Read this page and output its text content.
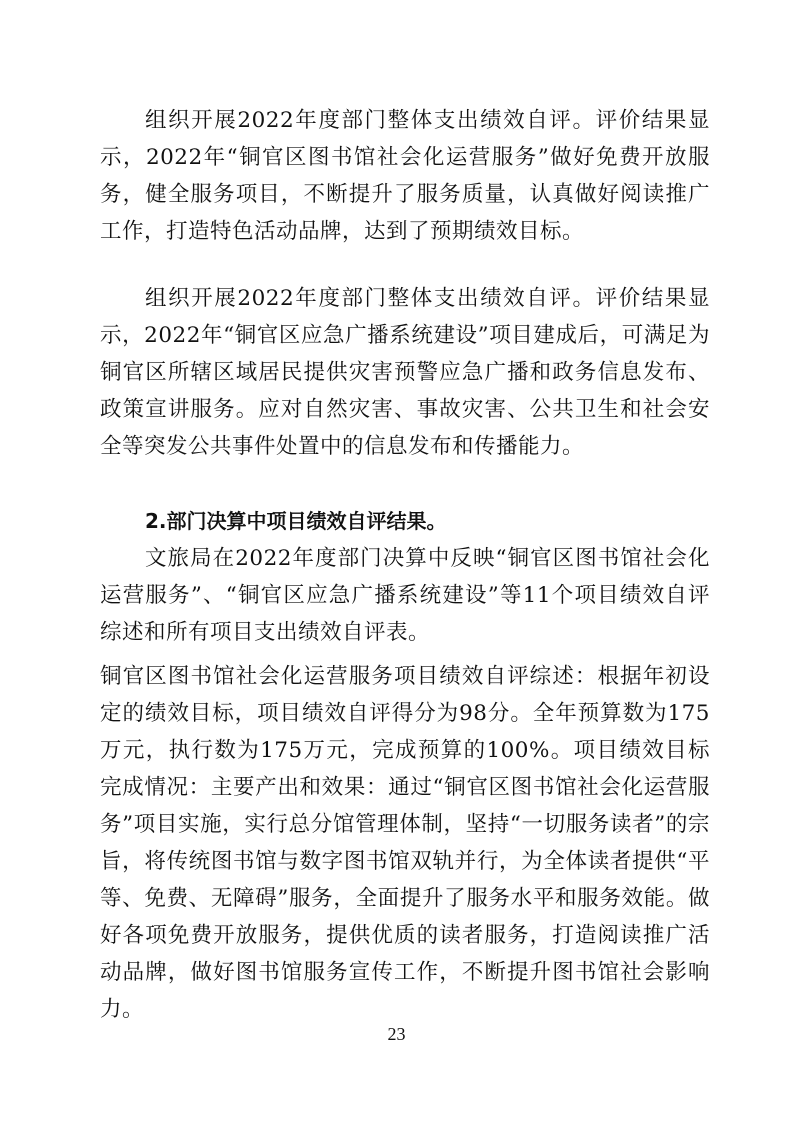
组织开展2022年度部门整体支出绩效自评。评价结果显示，2022年“铜官区图书馆社会化运营服务”做好免费开放服务，健全服务项目，不断提升了服务质量，认真做好阅读推广工作，打造特色活动品牌，达到了预期绩效目标。

组织开展2022年度部门整体支出绩效自评。评价结果显示，2022年“铜官区应急广播系统建设”项目建成后，可满足为铜官区所辖区域居民提供灾害预警应急广播和政务信息发布、政策宣讲服务。应对自然灾害、事故灾害、公共卫生和社会安全等突发公共事件处置中的信息发布和传播能力。

2.部门决算中项目绩效自评结果。

文旅局在2022年度部门决算中反映“铜官区图书馆社会化运营服务”、“铜官区应急广播系统建设”等11个项目绩效自评综述和所有项目支出绩效自评表。

铜官区图书馆社会化运营服务项目绩效自评综述：根据年初设定的绩效目标，项目绩效自评得分为98分。全年预算数为175万元，执行数为175万元，完成预算的100%。项目绩效目标完成情况：主要产出和效果：通过“铜官区图书馆社会化运营服务”项目实施，实行总分馆管理体制，坚持“一切服务读者”的宗旨，将传统图书馆与数字图书馆双轨并行，为全体读者提供“平等、免费、无障碍”服务，全面提升了服务水平和服务效能。做好各项免费开放服务，提供优质的读者服务，打造阅读推广活动品牌，做好图书馆服务宣传工作，不断提升图书馆社会影响力。

23
